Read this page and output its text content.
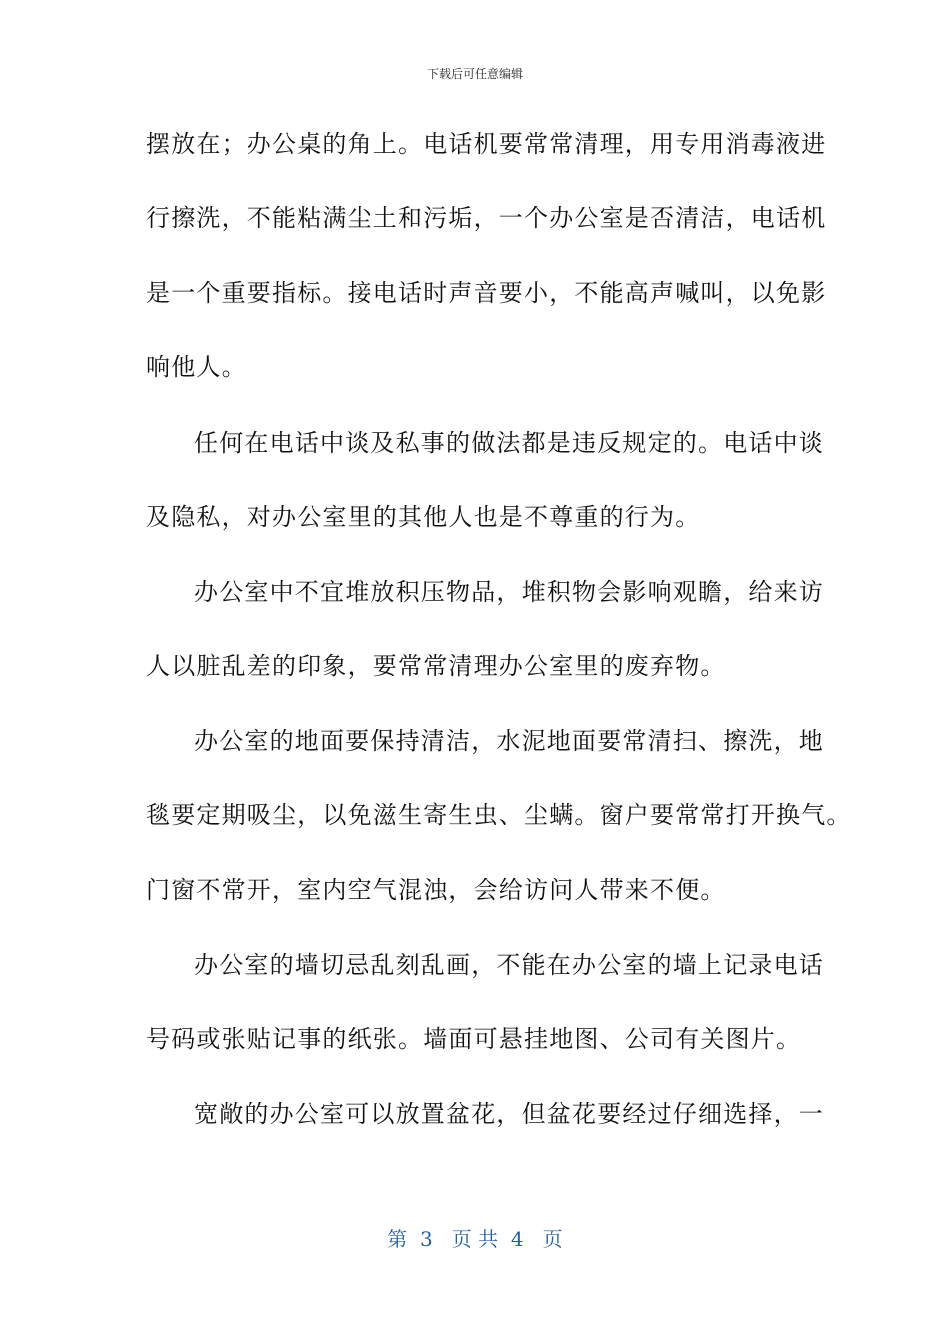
下载后可任意编辑
摆放在；办公桌的角上。电话机要常常清理，用专用消毒液进
行擦洗，不能粘满尘土和污垢，一个办公室是否清洁，电话机
是一个重要指标。接电话时声音要小，不能高声喊叫，以免影
响他人。
任何在电话中谈及私事的做法都是违反规定的。电话中谈
及隐私，对办公室里的其他人也是不尊重的行为。
办公室中不宜堆放积压物品，堆积物会影响观瞻，给来访
人以脏乱差的印象，要常常清理办公室里的废弃物。
办公室的地面要保持清洁，水泥地面要常清扫、擦洗，地
毯要定期吸尘，以免滋生寄生虫、尘螨。窗户要常常打开换气。
门窗不常开，室内空气混浊，会给访问人带来不便。
办公室的墙切忌乱刻乱画，不能在办公室的墙上记录电话
号码或张贴记事的纸张。墙面可悬挂地图、公司有关图片。
宽敞的办公室可以放置盆花，但盆花要经过仔细选择，一
第  3   页 共  4   页
